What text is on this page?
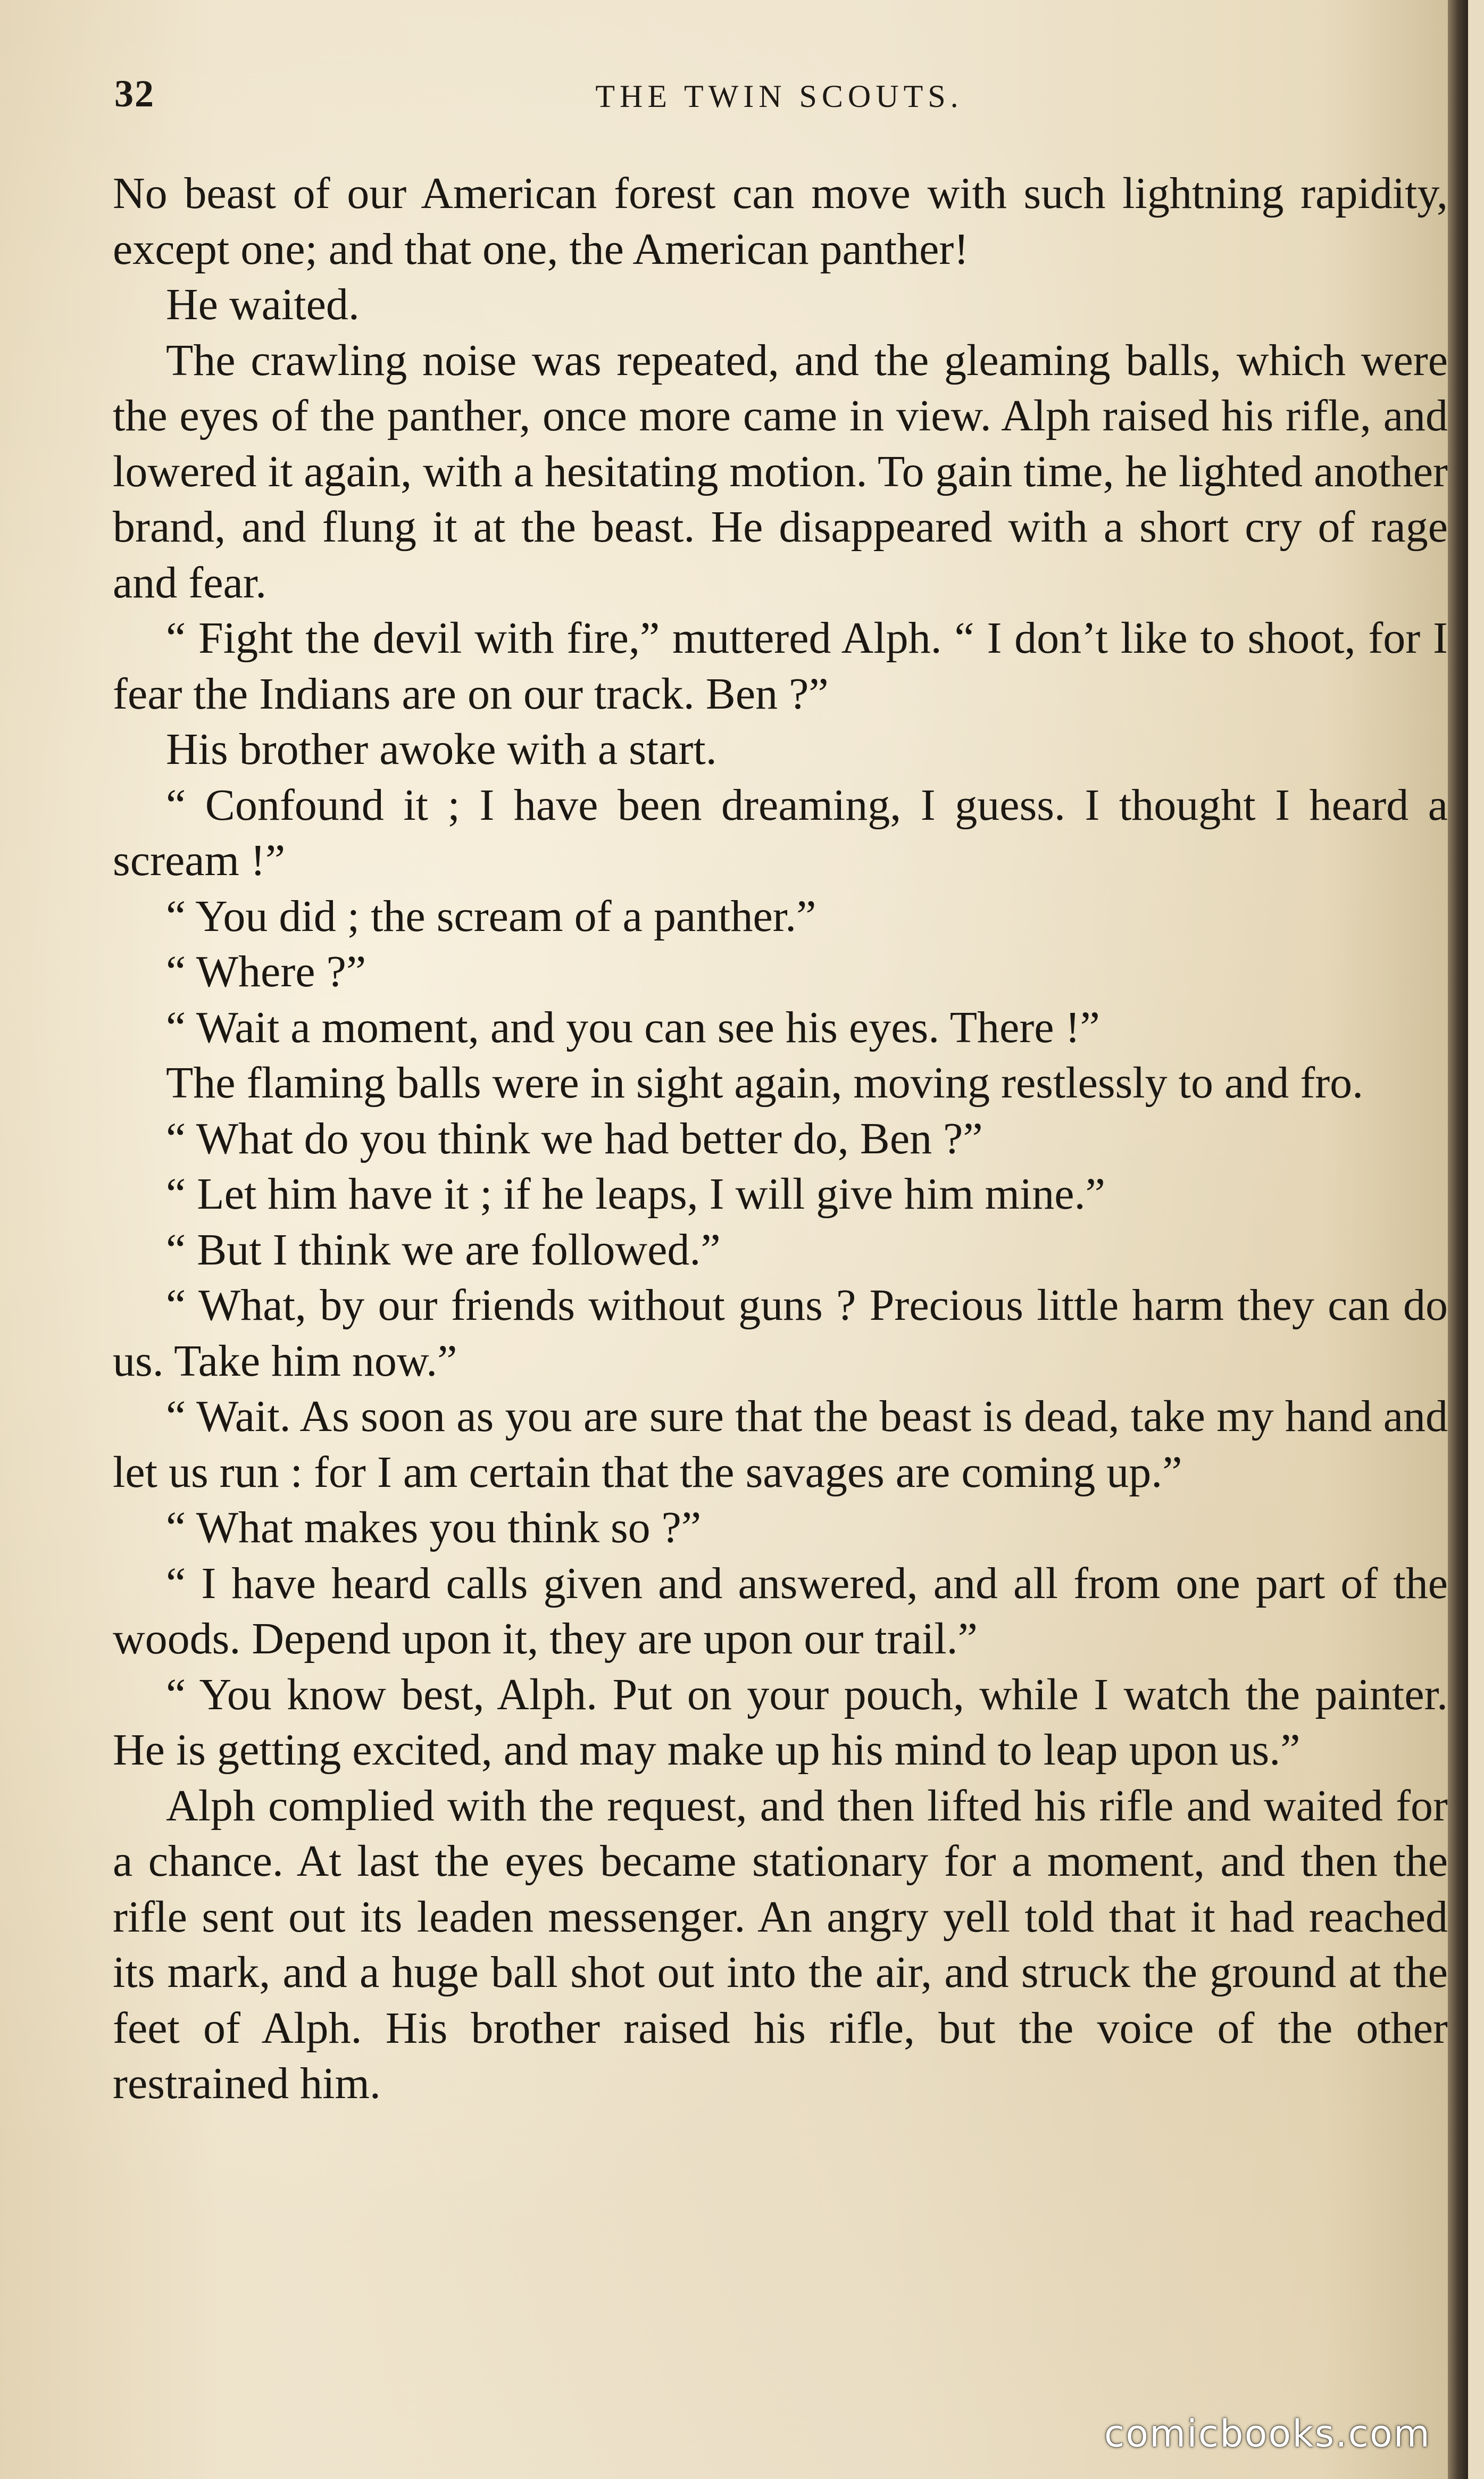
32	THE TWIN SCOUTS.

No beast of our American forest can move with such lightning rapidity, except one; and that one, the American panther!

He waited.

The crawling noise was repeated, and the gleaming balls, which were the eyes of the panther, once more came in view. Alph raised his rifle, and lowered it again, with a hesitating motion. To gain time, he lighted another brand, and flung it at the beast. He disappeared with a short cry of rage and fear.

“ Fight the devil with fire,” muttered Alph. “ I don’t like to shoot, for I fear the Indians are on our track. Ben ?”

His brother awoke with a start.

“ Confound it ; I have been dreaming, I guess. I thought I heard a scream !”

“ You did ; the scream of a panther.”

“ Where ?”

“ Wait a moment, and you can see his eyes. There !”

The flaming balls were in sight again, moving restlessly to and fro.

“ What do you think we had better do, Ben ?”

“ Let him have it ; if he leaps, I will give him mine.”

“ But I think we are followed.”

“ What, by our friends without guns ? Precious little harm they can do us. Take him now.”

“ Wait. As soon as you are sure that the beast is dead, take my hand and let us run : for I am certain that the savages are coming up.”

“ What makes you think so ?”

“ I have heard calls given and answered, and all from one part of the woods. Depend upon it, they are upon our trail.”

“ You know best, Alph. Put on your pouch, while I watch the painter. He is getting excited, and may make up his mind to leap upon us.”

Alph complied with the request, and then lifted his rifle and waited for a chance. At last the eyes became stationary for a moment, and then the rifle sent out its leaden messenger. An angry yell told that it had reached its mark, and a huge ball shot out into the air, and struck the ground at the feet of Alph. His brother raised his rifle, but the voice of the other restrained him.

comicbooks.com
